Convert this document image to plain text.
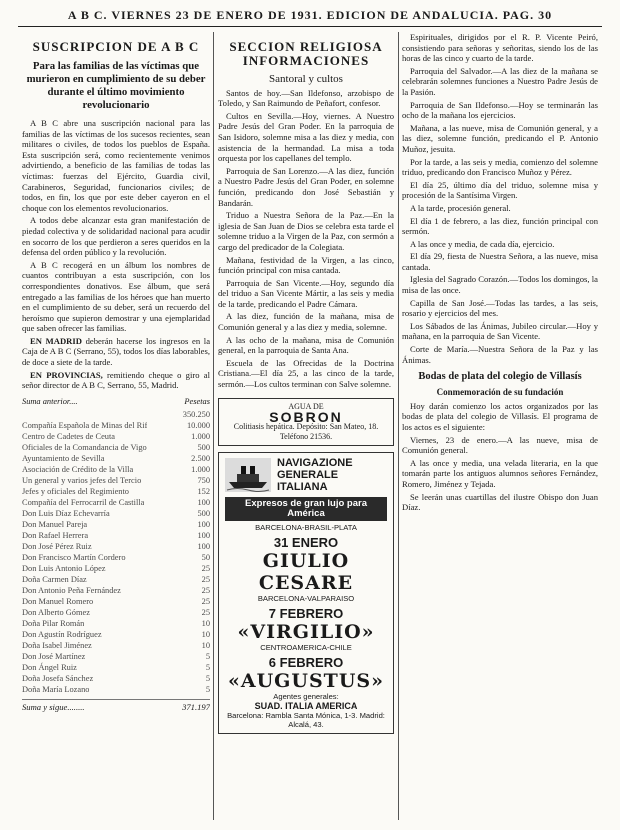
A B C. VIERNES 23 DE ENERO DE 1931. EDICION DE ANDALUCIA. PAG. 30
SUSCRIPCION DE A B C
Para las familias de las víctimas que murieron en cumplimiento de su deber durante el último movimiento revolucionario

A B C abre una suscripción nacional para las familias de las víctimas de los sucesos recientes, sean militares o civiles, de todos los pueblos de España. Esta suscripción será, como recientemente venimos advirtiendo, a beneficio de las familias de todas las víctimas: fuerzas del Ejército, Guardia civil, Carabineros, Seguridad, funcionarios civiles; de todos, en fin, los que por este deber cayeron en el choque con los elementos revolucionarios.

A todos debe alcanzar esta gran manifestación de piedad colectiva y de solidaridad nacional para acudir en socorro de los que perdieron a seres queridos en la defensa del orden público y la revolución.

A B C recogerá en un álbum los nombres de cuantos contribuyan a esta suscripción, con los correspondientes donativos. Ese álbum, que será entregado a las familias de los héroes que han muerto en el cumplimiento de su deber, será un recuerdo del heroísmo que supieron demostrar y una ejemplaridad que saben ofrecer las familias.

EN MADRID deberán hacerse los ingresos en la Caja de A B C (Serrano, 55), todos los días laborables, de doce a siete de la tarde.

EN PROVINCIAS, remitiendo cheque o giro al señor director de A B C, Serrano, 55, Madrid.

Suma anterior....	Pesetas
350.250
Compañía Española de Minas del Rif	10.000
Centro de Cadetes de Ceuta	1.000
Oficiales de la Comandancia de Vigo	500
Ayuntamiento de Sevilla	2.500
Asociación de Crédito de la Villa	1.000
Un general y varios jefes del Tercio	750
Jefes y oficiales del Regimiento	152
Compañía del Ferrocarril de Castilla	100
Don Luis Díaz Echevarría	500
Don Manuel Pareja	100
Don Rafael Herrera	100
Don José Pérez Ruiz	100
Don Francisco Martín Cordero	50
Don Luis Antonio López	25
Doña Carmen Díaz	25
Don Antonio Peña Fernández	25
Don Manuel Romero	25
Don Alberto Gómez	25
Doña Pilar Román	10
Don Agustín Rodríguez	10
Doña Isabel Jiménez	10
Don José Martínez	5
Don Ángel Ruiz	5
Doña Josefa Sánchez	5
Doña María Lozano	5
Suma y sigue........	371.197
SECCION RELIGIOSA INFORMACIONES
Santoral y cultos

Santos de hoy.—San Ildefonso, arzobispo de Toledo, y San Raimundo de Peñafort, confesor.

Cultos en Sevilla.—Hoy, viernes. A Nuestro Padre Jesús del Gran Poder. En la parroquia de San Isidoro, solemne misa a las diez y media, con asistencia de la hermandad. La misa a toda orquesta por los capellanes del templo.

Parroquia de San Lorenzo.—A las diez, función a Nuestro Padre Jesús del Gran Poder, en solemne función, predicando don José Sebastián y Bandarán.

Triduo a Nuestra Señora de la Paz.—En la iglesia de San Juan de Dios se celebra esta tarde el solemne triduo a la Virgen de la Paz, con sermón a cargo del predicador de la Colegiata.

Mañana, festividad de la Virgen, a las cinco, función principal con misa cantada.

Parroquia de San Vicente.—Hoy, segundo día del triduo a San Vicente Mártir, a las seis y media de la tarde, predicando el Padre Cámara.

A las diez, función de la mañana, misa de Comunión general y a las diez y media, solemne.

A las ocho de la mañana, misa de Comunión general, en la parroquia de Santa Ana.

Escuela de las Ofrecidas de la Doctrina Cristiana.—El día 25, a las cinco de la tarde, sermón.—Los cultos terminan con Salve solemne.

AGUA DE
SOBRON
Colitiasis hepática. Depósito: San Mateo, 18. Teléfono 21536.
NAVIGAZIONE
GENERALE
ITALIANA
Expresos de gran lujo para América
BARCELONA-BRASIL-PLATA
31 ENERO
GIULIO CESARE
BARCELONA-VALPARAISO
7 FEBRERO
«VIRGILIO»
CENTROAMERICA-CHILE
6 FEBRERO
«AUGUSTUS»
Agentes generales:
SUAD. ITALIA AMERICA
Barcelona: Rambla Santa Mónica, 1-3. Madrid: Alcalá, 43.

Espirituales, dirigidos por el R. P. Vicente Peiró, consistiendo para señoras y señoritas, siendo los de las horas de las cinco y cuarto de la tarde.

Parroquia del Salvador.—A las diez de la mañana se celebrarán solemnes funciones a Nuestro Padre Jesús de la Pasión.

Parroquia de San Ildefonso.—Hoy se terminarán las ocho de la mañana los ejercicios.

Mañana, a las nueve, misa de Comunión general, y a las diez, solemne función, predicando el P. Antonio Muñoz, jesuita.

Por la tarde, a las seis y media, comienzo del solemne triduo, predicando don Francisco Muñoz y Pérez.

El día 25, último día del triduo, solemne misa y procesión de la Santísima Virgen.

A la tarde, procesión general.

El día 1 de febrero, a las diez, función principal con sermón.

A las once y media, de cada día, ejercicio.

El día 29, fiesta de Nuestra Señora, a las nueve, misa cantada.

Iglesia del Sagrado Corazón.—Todos los domingos, la misa de las once.

Capilla de San José.—Todas las tardes, a las seis, rosario y ejercicios del mes.

Los Sábados de las Ánimas, Jubileo circular.—Hoy y mañana, en la parroquia de San Vicente.

Corte de María.—Nuestra Señora de la Paz y las Ánimas.

Bodas de plata del colegio de Villasís
Conmemoración de su fundación

Hoy darán comienzo los actos organizados por las bodas de plata del colegio de Villasís. El programa de los actos es el siguiente:

Viernes, 23 de enero.—A las nueve, misa de Comunión general.

A las once y media, una velada literaria, en la que tomarán parte los antiguos alumnos señores Fernández, Romero, Jiménez y Tejada.

Se leerán unas cuartillas del ilustre Obispo don Juan Díaz.
